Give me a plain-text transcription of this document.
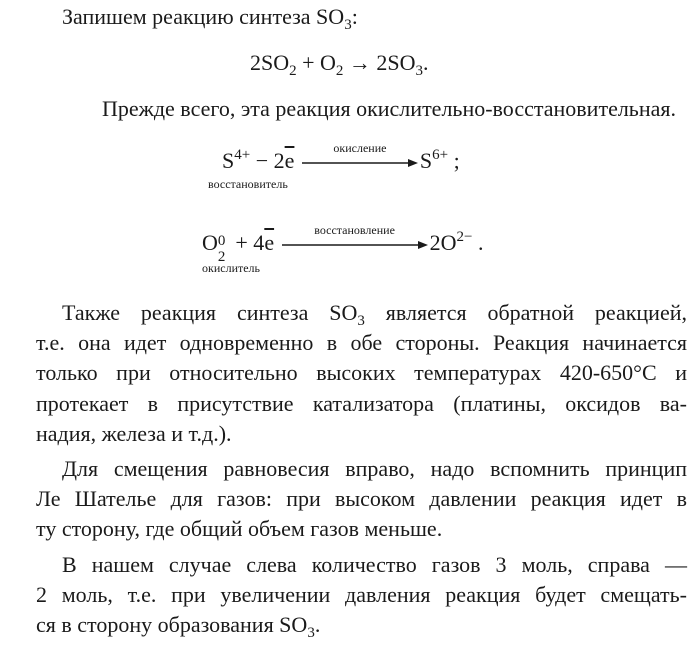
Запишем реакцию синтеза $SO_3$:
$2SO_2 + O_2 \to 2SO_3$.
Прежде всего, эта реакция окислительно-восстановительная.
$S^{4+} - 2\overline{e}$
окисление
$S^{6+}$ ;
восстановитель
O 0
2
+ $4\overline{e}$
восстановление
$2O^{2-}$ .
окислитель
Также реакция синтеза $SO_3$ является обратной реакцией,
т.е. она идет одновременно в обе стороны. Реакция начинается
только при относительно высоких температурах 420-650°С и
протекает в присутствие катализатора (платины, оксидов ва-
надия, железа и т.д.).
Для смещения равновесия вправо, надо вспомнить принцип
Ле Шателье для газов: при высоком давлении реакция идет в
ту сторону, где общий объем газов меньше.
В нашем случае слева количество газов 3 моль, справа —
2 моль, т.е. при увеличении давления реакция будет смещать-
ся в сторону образования $SO_3$.
